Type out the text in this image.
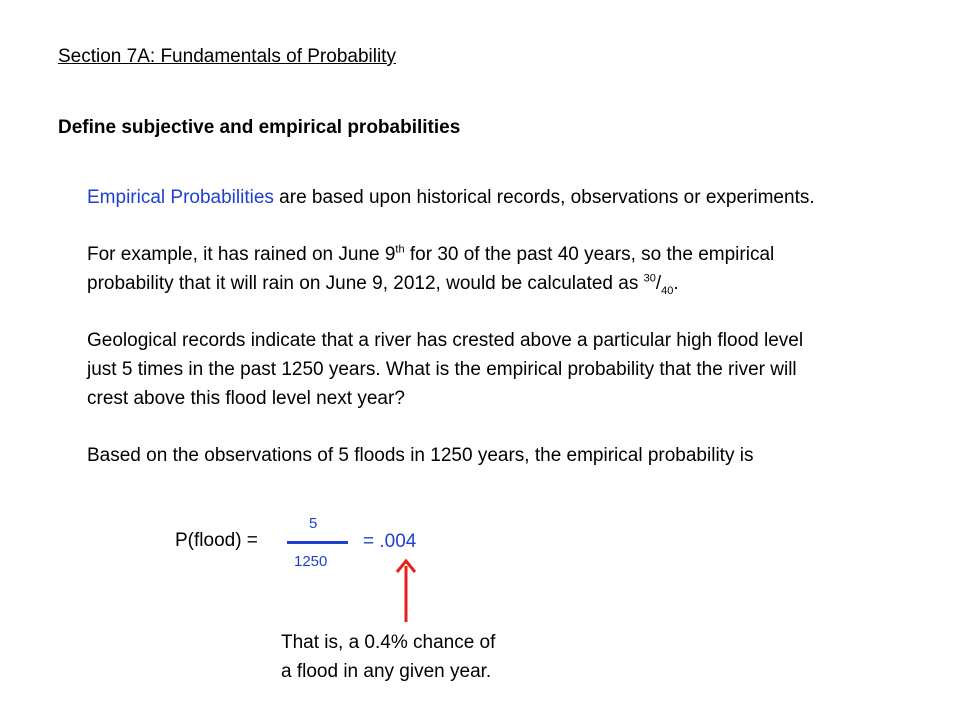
Section 7A: Fundamentals of Probability
Define subjective and empirical probabilities
Empirical Probabilities are based upon historical records, observations or experiments.
For example, it has rained on June 9th for 30 of the past 40 years, so the empirical
probability that it will rain on June 9, 2012, would be calculated as $^{30}/_{40}$.
Geological records indicate that a river has crested above a particular high flood level
just 5 times in the past 1250 years. What is the empirical probability that the river will
crest above this flood level next year?
Based on the observations of 5 floods in 1250 years, the empirical probability is
P(flood) =
5
1250
= .004
That is, a 0.4% chance of
a flood in any given year.
